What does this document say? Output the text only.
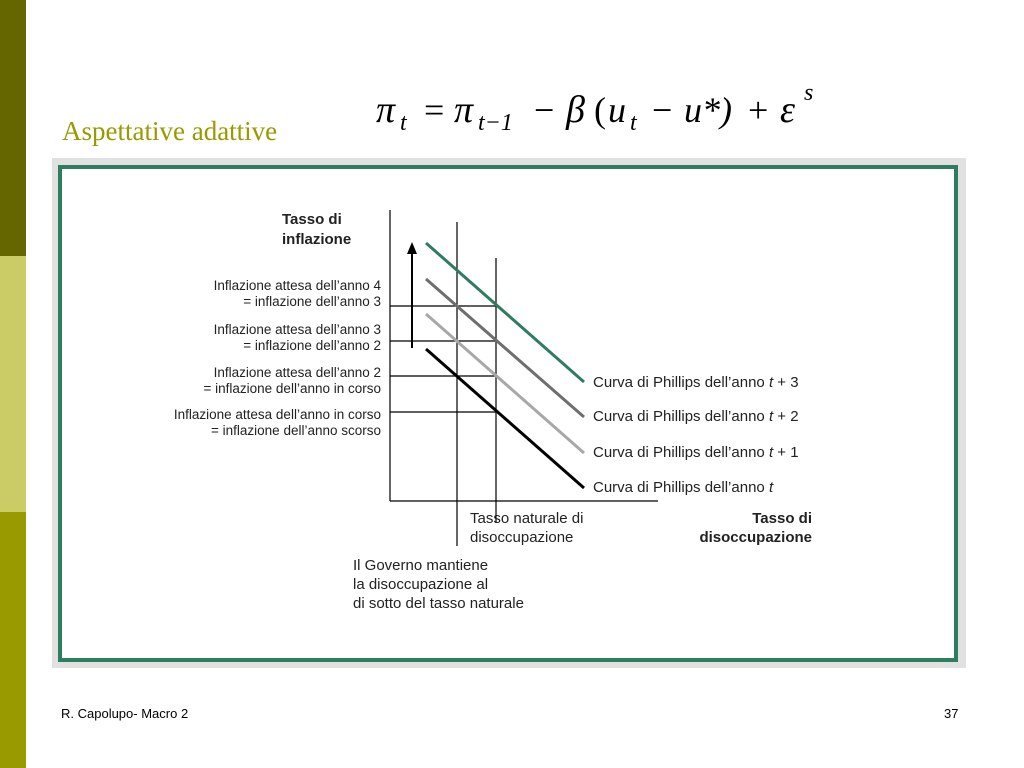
Aspettative adattive	π t = π t−1 − β ( u t − u*) + ε s
Tasso di
inflazione
Inflazione attesa dell’anno 4
= inflazione dell’anno 3
Inflazione attesa dell’anno 3
= inflazione dell’anno 2
Inflazione attesa dell’anno 2
= inflazione dell’anno in corso
Inflazione attesa dell’anno in corso
= inflazione dell’anno scorso
Curva di Phillips dell’anno t + 3
Curva di Phillips dell’anno t + 2
Curva di Phillips dell’anno t + 1
Curva di Phillips dell’anno t
Tasso naturale di
disoccupazione
Tasso di
disoccupazione
Il Governo mantiene
la disoccupazione al
di sotto del tasso naturale
R. Capolupo- Macro 2	37
